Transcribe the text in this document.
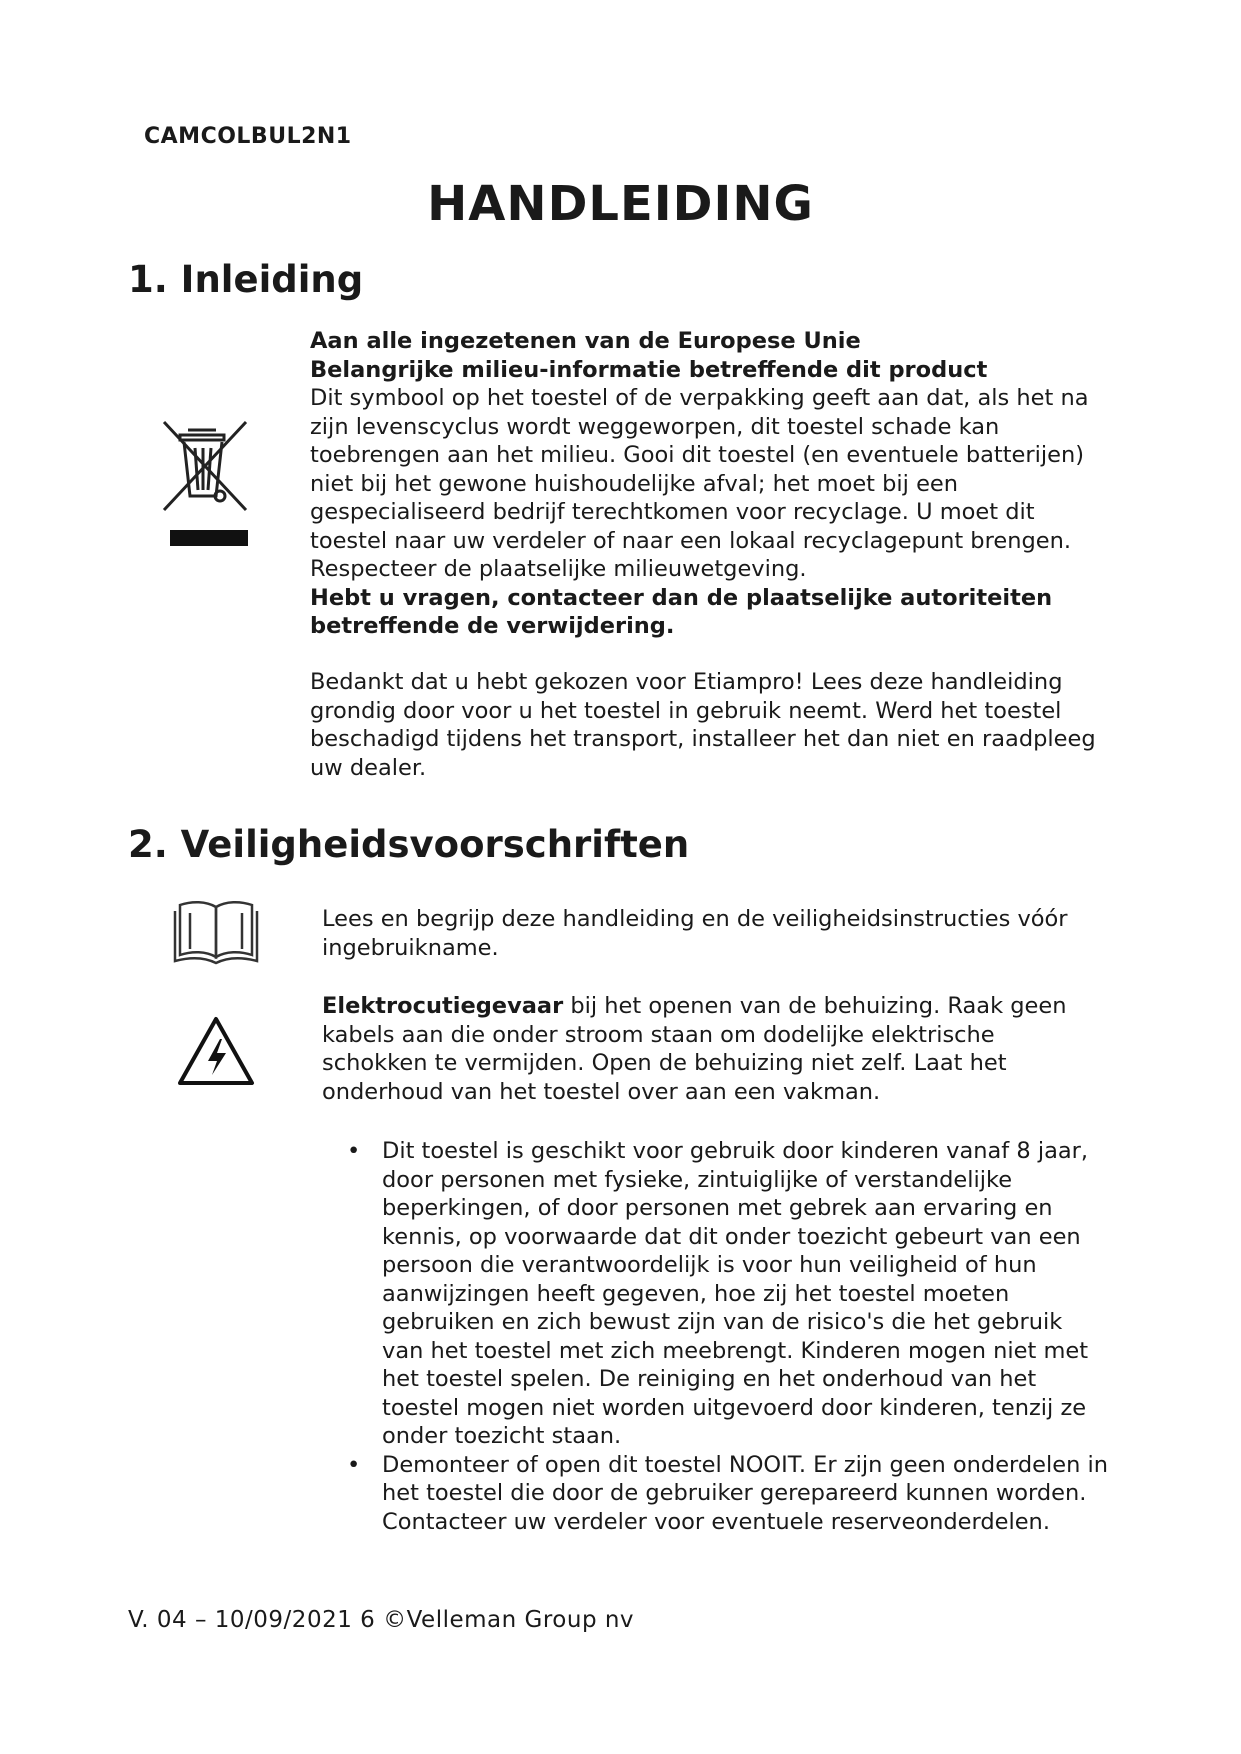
CAMCOLBUL2N1
HANDLEIDING
1. Inleiding

Aan alle ingezetenen van de Europese Unie

Belangrijke milieu-informatie betreffende dit product

Dit symbool op het toestel of de verpakking geeft aan dat, als het na zijn levenscyclus wordt weggeworpen, dit toestel schade kan toebrengen aan het milieu. Gooi dit toestel (en eventuele batterijen) niet bij het gewone huishoudelijke afval; het moet bij een gespecialiseerd bedrijf terechtkomen voor recyclage. U moet dit toestel naar uw verdeler of naar een lokaal recyclagepunt brengen. Respecteer de plaatselijke milieuwetgeving.

Hebt u vragen, contacteer dan de plaatselijke autoriteiten betreffende de verwijdering.

Bedankt dat u hebt gekozen voor Etiampro! Lees deze handleiding grondig door voor u het toestel in gebruik neemt. Werd het toestel beschadigd tijdens het transport, installeer het dan niet en raadpleeg uw dealer.

2. Veiligheidsvoorschriften

Lees en begrijp deze handleiding en de veiligheidsinstructies vóór ingebruikname.

Elektrocutiegevaar bij het openen van de behuizing. Raak geen kabels aan die onder stroom staan om dodelijke elektrische schokken te vermijden. Open de behuizing niet zelf. Laat het onderhoud van het toestel over aan een vakman.

• Dit toestel is geschikt voor gebruik door kinderen vanaf 8 jaar, door personen met fysieke, zintuiglijke of verstandelijke beperkingen, of door personen met gebrek aan ervaring en kennis, op voorwaarde dat dit onder toezicht gebeurt van een persoon die verantwoordelijk is voor hun veiligheid of hun aanwijzingen heeft gegeven, hoe zij het toestel moeten gebruiken en zich bewust zijn van de risico's die het gebruik van het toestel met zich meebrengt. Kinderen mogen niet met het toestel spelen. De reiniging en het onderhoud van het toestel mogen niet worden uitgevoerd door kinderen, tenzij ze onder toezicht staan.
• Demonteer of open dit toestel NOOIT. Er zijn geen onderdelen in het toestel die door de gebruiker gerepareerd kunnen worden. Contacteer uw verdeler voor eventuele reserveonderdelen.
V. 04 – 10/09/2021 6 ©Velleman Group nv
